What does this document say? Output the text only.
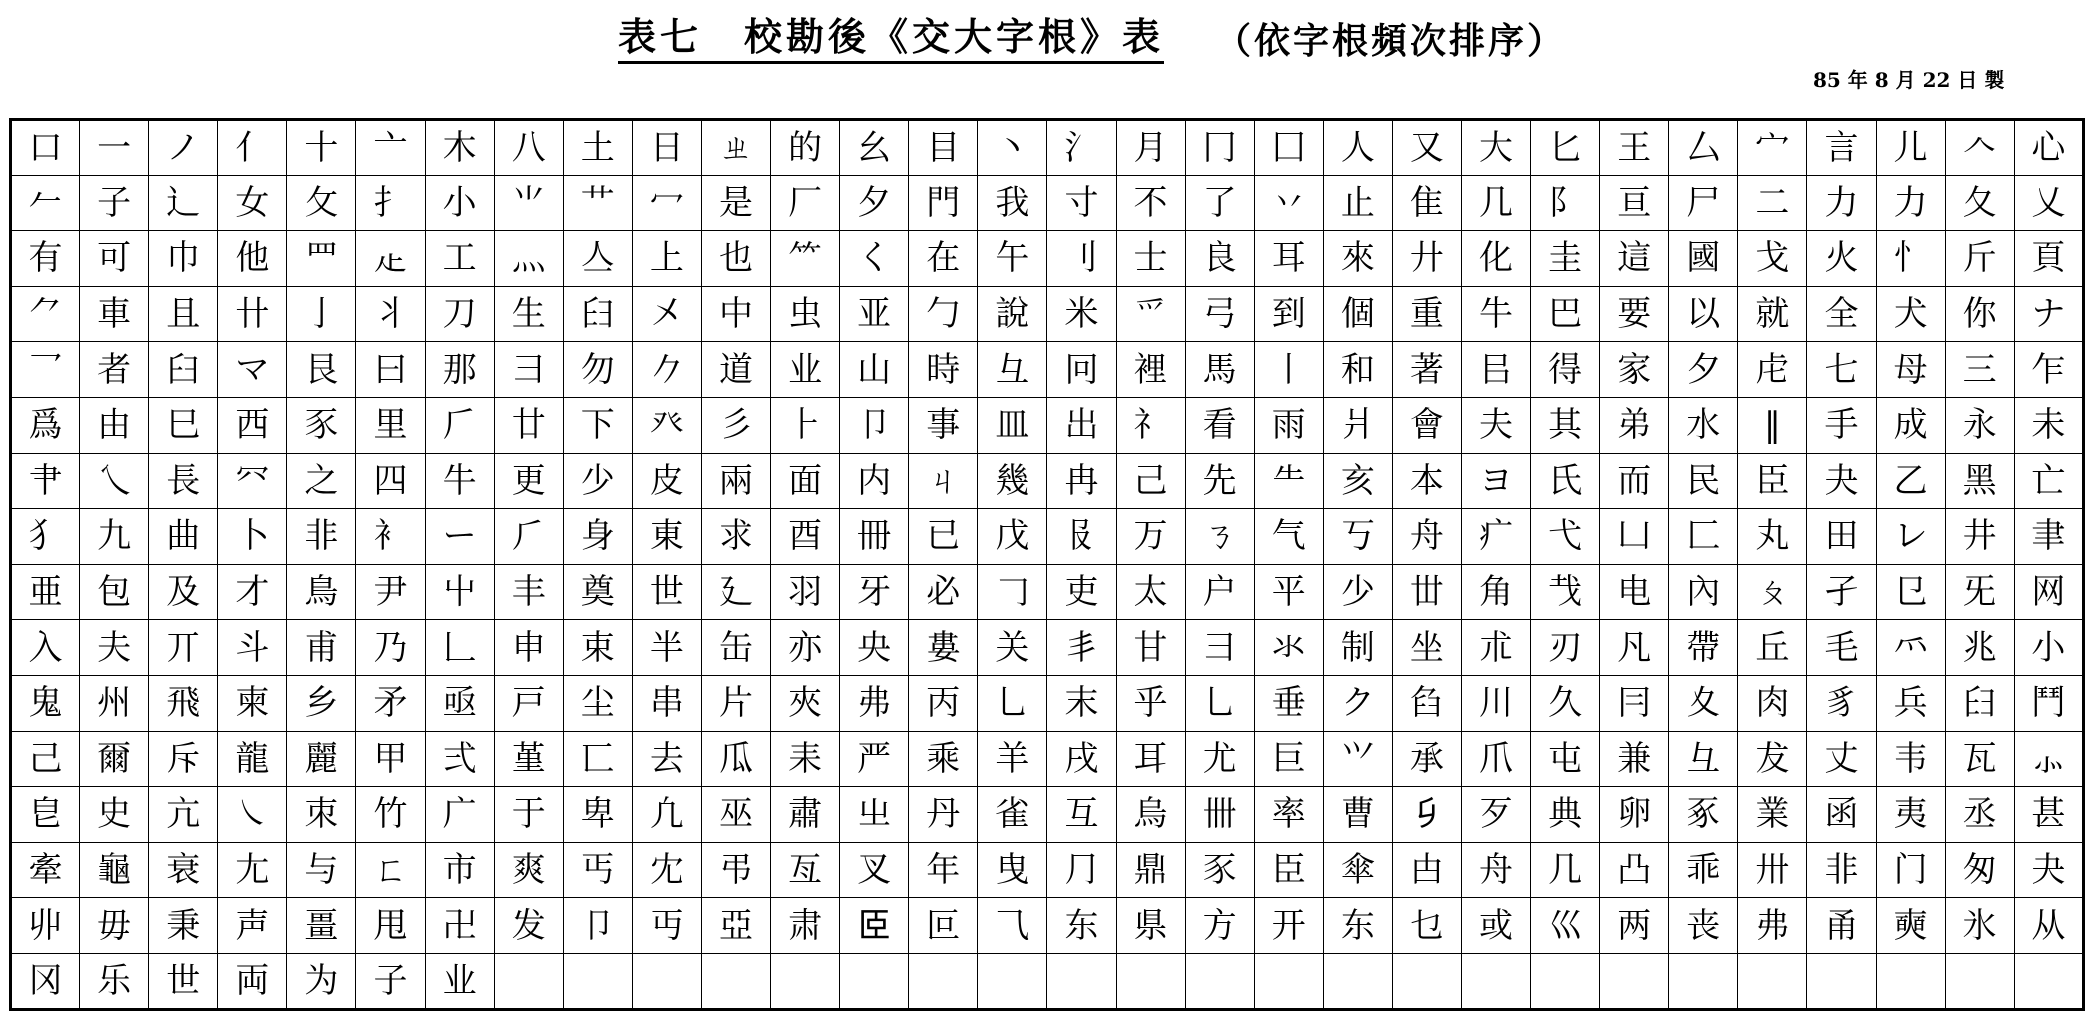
表七　校勘後《交大字根》表 （依字根頻次排序）
85 年 8 月 22 日 製
口	一	ノ	亻	十	亠	木	八	土	日	ㄓ	的	幺	目	丶	氵	月	冂	囗	人	又	大	匕	王	厶	宀	言	儿	𠆢	心
𠂉	子	辶	女	攵	扌	小	⺌	艹	冖	是	厂	夕	門	我	寸	不	了	丷	止	隹	几	阝	亘	尸	二	力	⼒	夂	乂
有	可	巾	他	罒	龰	工	灬	亼	上	也	⺮	く	在	午	刂	士	良	耳	來	廾	化	圭	這	國	戈	火	忄	斤	頁
⺈	車	且	卄	亅	丬	刀	生	𦥑	㐅	中	虫	亚	勹	說	米	爫	弓	到	個	重	牛	巴	要	以	就	全	犬	你	ナ
乛	者	臼	マ	艮	曰	那	彐	勿	𠂊	道	业	山	時	彑	冋	裡	馬	丨	和	著	㠯	得	家	⼣	虍	七	母	三	乍
爲	由	巳	西	豕	里	𠂆	廿	下	癶	彡	⺊	卩	事	皿	出	礻	看	雨	爿	會	夫	其	弟	水	‖	手	成	永	未
⺺	乀	長	㓁	之	四	⽜	更	少	皮	兩	面	内	ㄐ	幾	冉	己	先	⺧	亥	本	ヨ	氏	而	民	⾂	夬	乙	黑	亡
犭	九	曲	卜	非	衤	ー	⺁	身	東	求	酉	冊	已	戊	𠬝	万	ㄋ	气	丂	舟	疒	弋	凵	匚	丸	田	レ	井	聿
亜	包	及	才	鳥	尹	屮	丰	奠	世	廴	羽	牙	必	𠃌	吏	太	户	平	少	丗	角	𢦏	电	內	ㄆ	孑	㔾	旡	网
入	夫	丌	斗	甫	乃	𠃊	申	束	半	缶	亦	央	婁	关	丯	甘	⺕	氺	制	坐	朮	刃	凡	帶	丘	毛	⺤	兆	⼩
鬼	州	飛	柬	乡	矛	亟	戸	尘	串	片	夾	弗	丙	乚	末	乎	⺃	垂	ク	臽	川	久	冃	夊	肉	豸	兵	⺽	鬥
⼰	爾	斥	龍	麗	甲	弍	堇	匸	去	瓜	耒	严	乘	羊	戌	⽿	尤	巨	⺍	承	爪	屯	兼	⺔	犮	丈	韦	瓦	⺗
皀	史	亢	㇏	朿	竹	广	于	卑	凢	巫	肅	㞢	丹	雀	互	烏	卌	率	曹	𠂎	歹	典	卵	豖	業	函	夷	丞	甚
牽	龜	衰	尢	与	ㄈ	市	爽	丐	冘	弔	亙	叉	年	曳	⺆	鼎	⾗	臣	傘	甴	⾈	⼏	凸	乖	卅	⾮	门	匆	夬
丱	毋	秉	声	畺	甩	卍	发	⼙	丏	亞	肃	𦣞	叵	⺄	东	県	方	开	东	乜	或	巛	两	丧	弗	甬	奭	氷	从
冈	乐	世	両	为	子	业																							
